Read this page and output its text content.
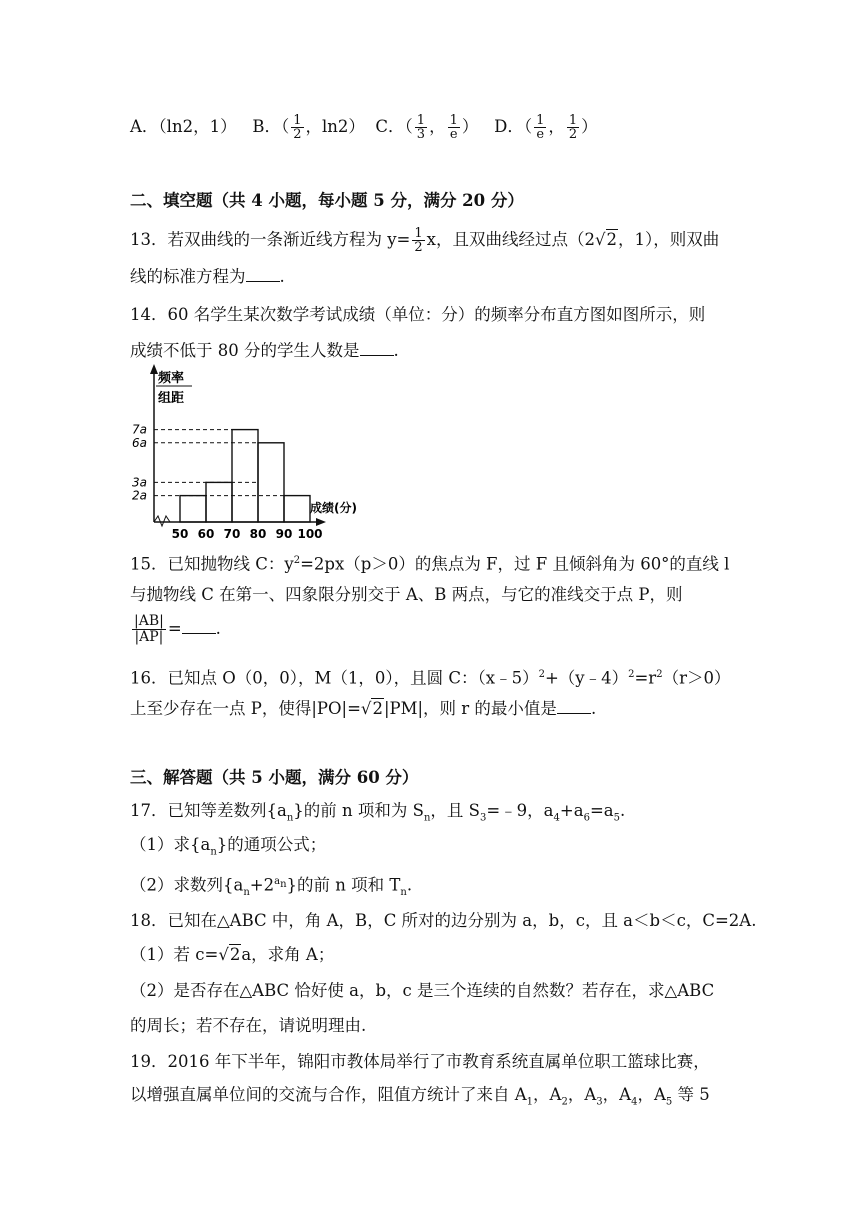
A．（ln2，1） B．（ $\frac{1}{2}$ ，ln2） C．（ $\frac{1}{3}$ ， $\frac{1}{e}$ ） D．（ $\frac{1}{e}$ ， $\frac{1}{2}$ ）
二、填空题（共 4 小题，每小题 5 分，满分 20 分）
13．若双曲线的一条渐近线方程为 $y= \frac{1}{2}$ x，且双曲线经过点（2√2，1），则双曲
线的标准方程为 .
14．60 名学生某次数学考试成绩（单位：分）的频率分布直方图如图所示，则
成绩不低于 80 分的学生人数是 .
频率
组距
成绩(分)
2a
3a
6a
7a
50 60 70 80 90 100
15．已知抛物线 C：$y^2=2px(p>0)$的焦点为 F，过 F 且倾斜角为 60°的直线 l
与抛物线 C 在第一、四象限分别交于 A、B 两点，与它的准线交于点 P，则
$\frac{|AB|}{|AP|}$ = .
16．已知点 O（0，0），M（1，0），且圆 C：$(x﹣5)^2+(y﹣4)^2=r^2(r>0)$
上至少存在一点 P，使得|PO|=√2|PM|，则 r 的最小值是 .
三、解答题（共 5 小题，满分 60 分）
17．已知等差数列$\{a_n\}$的前 n 项和为 $S_n$，且 $S_3=﹣9$，$a_4+a_6=a_5$.
（1）求$\{a_n\}$的通项公式；
（2）求数列$\{a_n+2^{a_n}\}$的前 n 项和 $T_n$.
18．已知在△ABC 中，角 A，B，C 所对的边分别为 a，b，c，且 a＜b＜c，C=2A.
（1）若 c=√2a，求角 A；
（2）是否存在△ABC 恰好使 a，b，c 是三个连续的自然数？若存在，求△ABC
的周长；若不存在，请说明理由.
19．2016 年下半年，锦阳市教体局举行了市教育系统直属单位职工篮球比赛，
以增强直属单位间的交流与合作，阻值方统计了来自 $A_1$，$A_2$，$A_3$，$A_4$，$A_5$ 等 5
